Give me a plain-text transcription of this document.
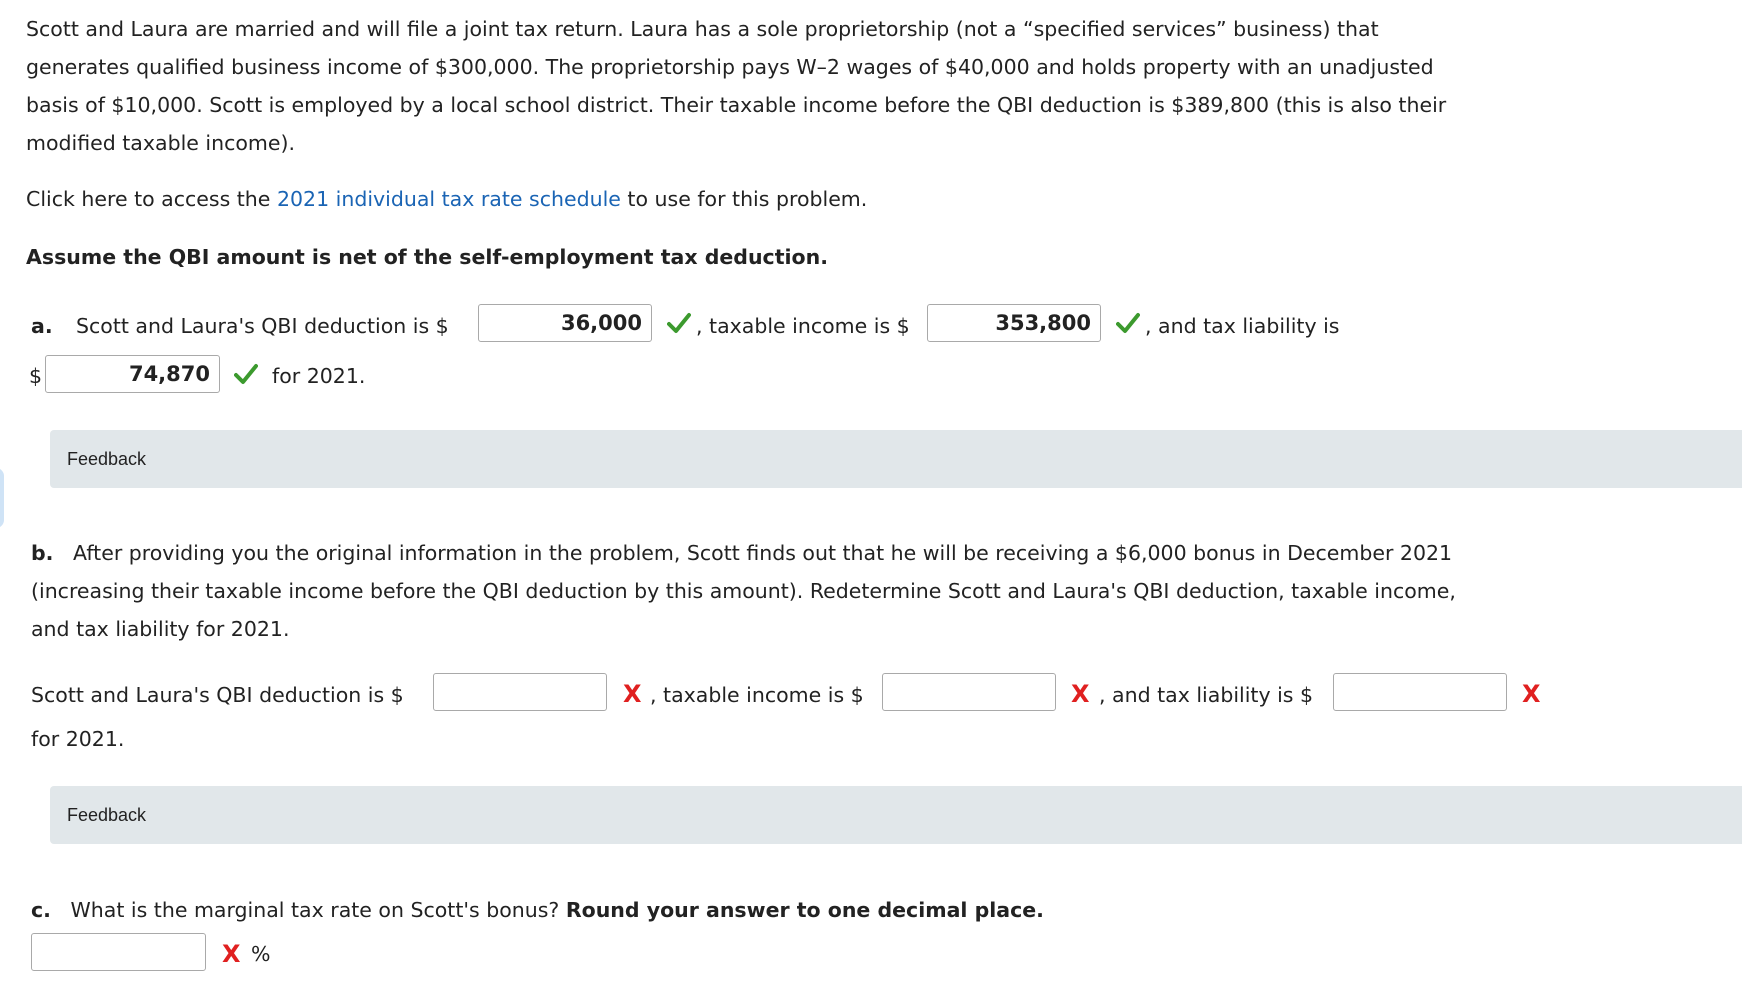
Scott and Laura are married and will file a joint tax return. Laura has a sole proprietorship (not a “specified services” business) that
generates qualified business income of $300,000. The proprietorship pays W–2 wages of $40,000 and holds property with an unadjusted
basis of $10,000. Scott is employed by a local school district. Their taxable income before the QBI deduction is $389,800 (this is also their
modified taxable income).
Click here to access the 2021 individual tax rate schedule to use for this problem.
Assume the QBI amount is net of the self-employment tax deduction.
a. Scott and Laura's QBI deduction is $
36,000	, taxable income is $
353,800	, and tax liability is
$
74,870	for 2021.
Feedback
b. After providing you the original information in the problem, Scott finds out that he will be receiving a $6,000 bonus in December 2021
(increasing their taxable income before the QBI deduction by this amount). Redetermine Scott and Laura's QBI deduction, taxable income,
and tax liability for 2021.
Scott and Laura's QBI deduction is $	X , taxable income is $	X , and tax liability is $	X
for 2021.
Feedback
c. What is the marginal tax rate on Scott's bonus? Round your answer to one decimal place.
X %
